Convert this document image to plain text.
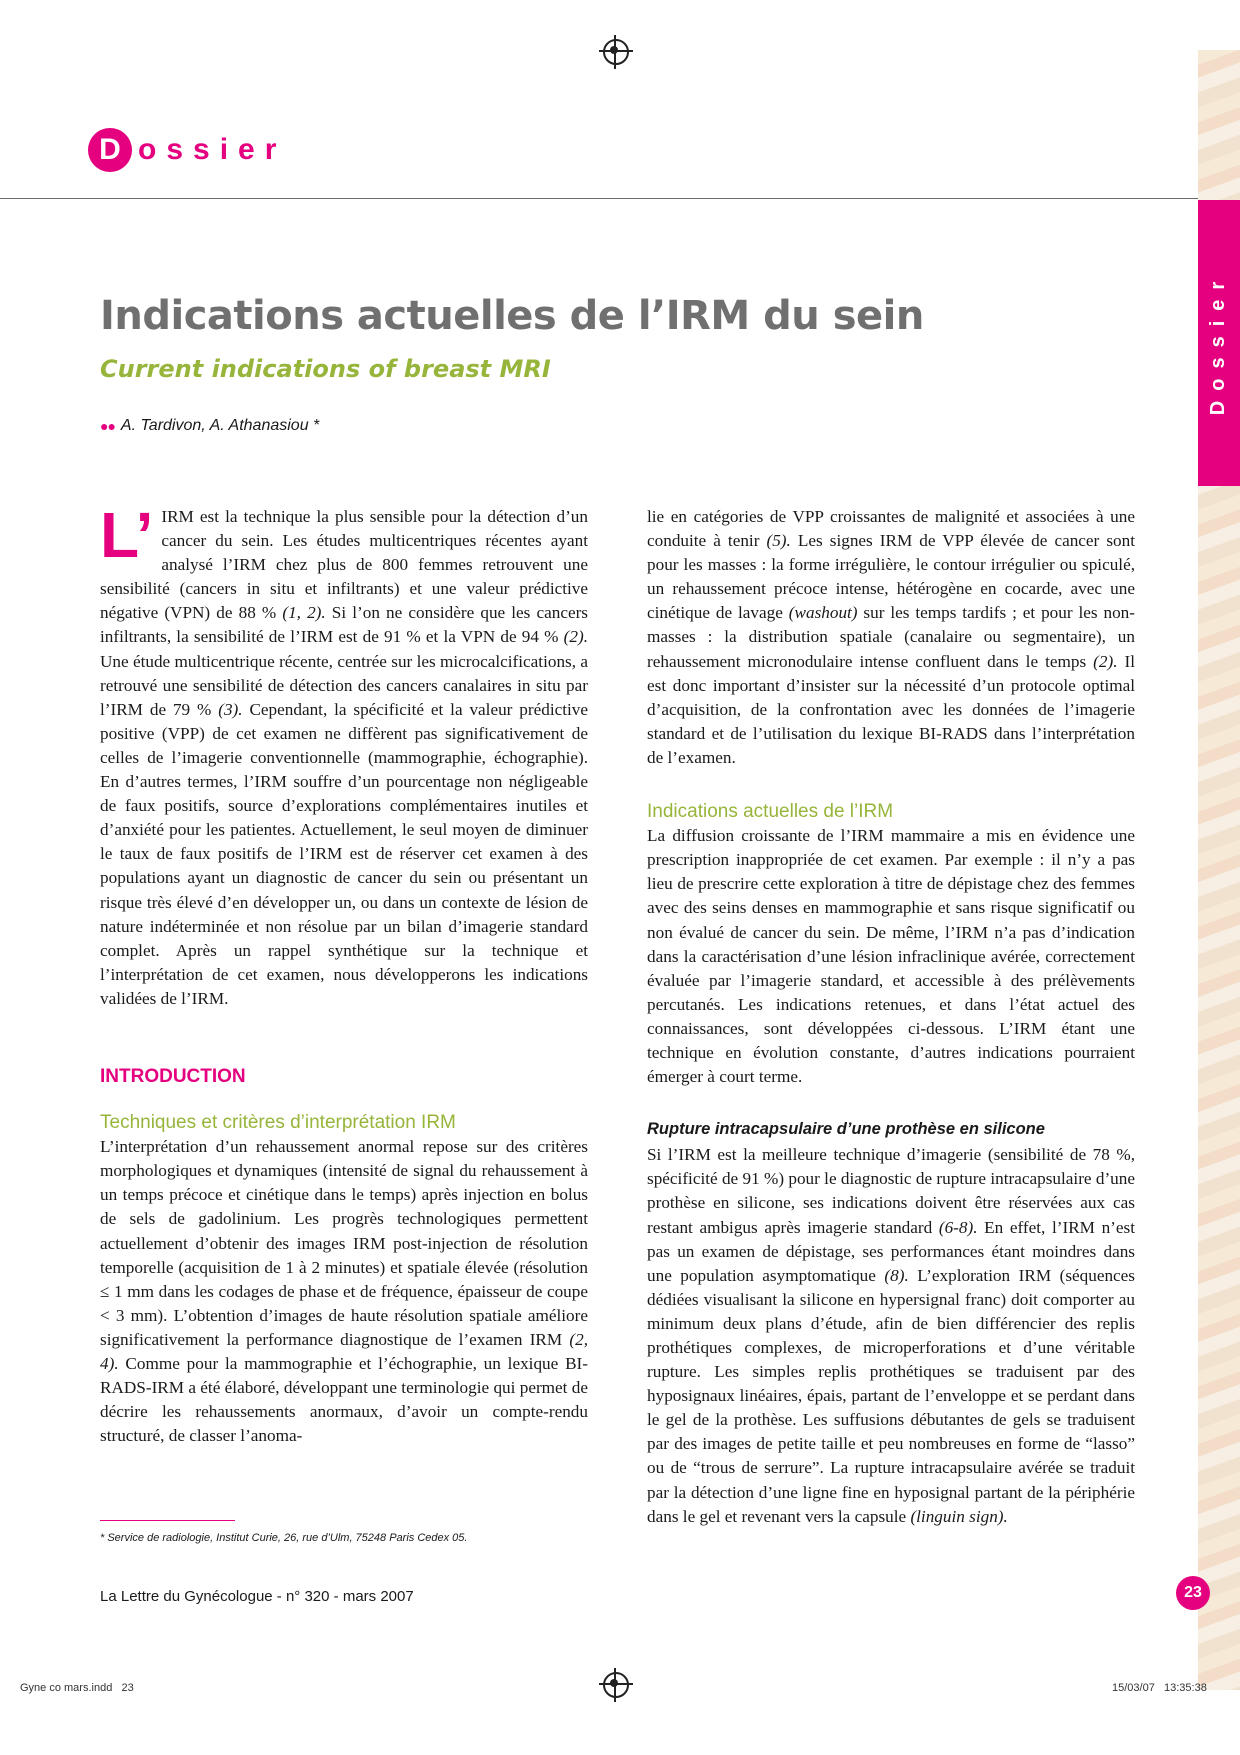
D ossier
Dossier
Indications actuelles de l’IRM du sein
Current indications of breast MRI
●● A. Tardivon, A. Athanasiou *

L’ IRM est la technique la plus sensible pour la détection d’un cancer du sein. Les études multicentriques récentes ayant analysé l’IRM chez plus de 800 femmes retrouvent une sensibilité (cancers in situ et infiltrants) et une valeur prédictive négative (VPN) de 88 % (1, 2). Si l’on ne considère que les cancers infiltrants, la sensibilité de l’IRM est de 91 % et la VPN de 94 % (2). Une étude multicentrique récente, centrée sur les microcalcifications, a retrouvé une sensibilité de détection des cancers canalaires in situ par l’IRM de 79 % (3). Cependant, la spécificité et la valeur prédictive positive (VPP) de cet examen ne diffèrent pas significativement de celles de l’imagerie conventionnelle (mammographie, échographie). En d’autres termes, l’IRM souffre d’un pourcentage non négligeable de faux positifs, source d’explorations complémentaires inutiles et d’anxiété pour les patientes. Actuellement, le seul moyen de diminuer le taux de faux positifs de l’IRM est de réserver cet examen à des populations ayant un diagnostic de cancer du sein ou présentant un risque très élevé d’en développer un, ou dans un contexte de lésion de nature indéterminée et non résolue par un bilan d’imagerie standard complet. Après un rappel synthétique sur la technique et l’interprétation de cet examen, nous développerons les indications validées de l’IRM.

INTRODUCTION
Techniques et critères d’interprétation IRM

L’interprétation d’un rehaussement anormal repose sur des critères morphologiques et dynamiques (intensité de signal du rehaussement à un temps précoce et cinétique dans le temps) après injection en bolus de sels de gadolinium. Les progrès technologiques permettent actuellement d’obtenir des images IRM post-injection de résolution temporelle (acquisition de 1 à 2 minutes) et spatiale élevée (résolution ≤ 1 mm dans les codages de phase et de fréquence, épaisseur de coupe < 3 mm). L’obtention d’images de haute résolution spatiale améliore significativement la performance diagnostique de l’examen IRM (2, 4). Comme pour la mammographie et l’échographie, un lexique BI-RADS-IRM a été élaboré, développant une terminologie qui permet de décrire les rehaussements anormaux, d’avoir un compte-rendu structuré, de classer l’anoma-

lie en catégories de VPP croissantes de malignité et associées à une conduite à tenir (5). Les signes IRM de VPP élevée de cancer sont pour les masses : la forme irrégulière, le contour irrégulier ou spiculé, un rehaussement précoce intense, hétérogène en cocarde, avec une cinétique de lavage (washout) sur les temps tardifs ; et pour les non-masses : la distribution spatiale (canalaire ou segmentaire), un rehaussement micronodulaire intense confluent dans le temps (2). Il est donc important d’insister sur la nécessité d’un protocole optimal d’acquisition, de la confrontation avec les données de l’imagerie standard et de l’utilisation du lexique BI-RADS dans l’interprétation de l’examen.

Indications actuelles de l’IRM

La diffusion croissante de l’IRM mammaire a mis en évidence une prescription inappropriée de cet examen. Par exemple : il n’y a pas lieu de prescrire cette exploration à titre de dépistage chez des femmes avec des seins denses en mammographie et sans risque significatif ou non évalué de cancer du sein. De même, l’IRM n’a pas d’indication dans la caractérisation d’une lésion infraclinique avérée, correctement évaluée par l’imagerie standard, et accessible à des prélèvements percutanés. Les indications retenues, et dans l’état actuel des connaissances, sont développées ci-dessous. L’IRM étant une technique en évolution constante, d’autres indications pourraient émerger à court terme.

Rupture intracapsulaire d’une prothèse en silicone

Si l’IRM est la meilleure technique d’imagerie (sensibilité de 78 %, spécificité de 91 %) pour le diagnostic de rupture intracapsulaire d’une prothèse en silicone, ses indications doivent être réservées aux cas restant ambigus après imagerie standard (6-8). En effet, l’IRM n’est pas un examen de dépistage, ses performances étant moindres dans une population asymptomatique (8). L’exploration IRM (séquences dédiées visualisant la silicone en hypersignal franc) doit comporter au minimum deux plans d’étude, afin de bien différencier des replis prothétiques complexes, de microperforations et d’une véritable rupture. Les simples replis prothétiques se traduisent par des hyposignaux linéaires, épais, partant de l’enveloppe et se perdant dans le gel de la prothèse. Les suffusions débutantes de gels se traduisent par des images de petite taille et peu nombreuses en forme de “lasso” ou de “trous de serrure”. La rupture intracapsulaire avérée se traduit par la détection d’une ligne fine en hyposignal partant de la périphérie dans le gel et revenant vers la capsule (linguin sign).

* Service de radiologie, Institut Curie, 26, rue d’Ulm, 75248 Paris Cedex 05.
La Lettre du Gynécologue - n° 320 - mars 2007	23
Gyne co mars.indd   23	15/03/07   13:35:38
